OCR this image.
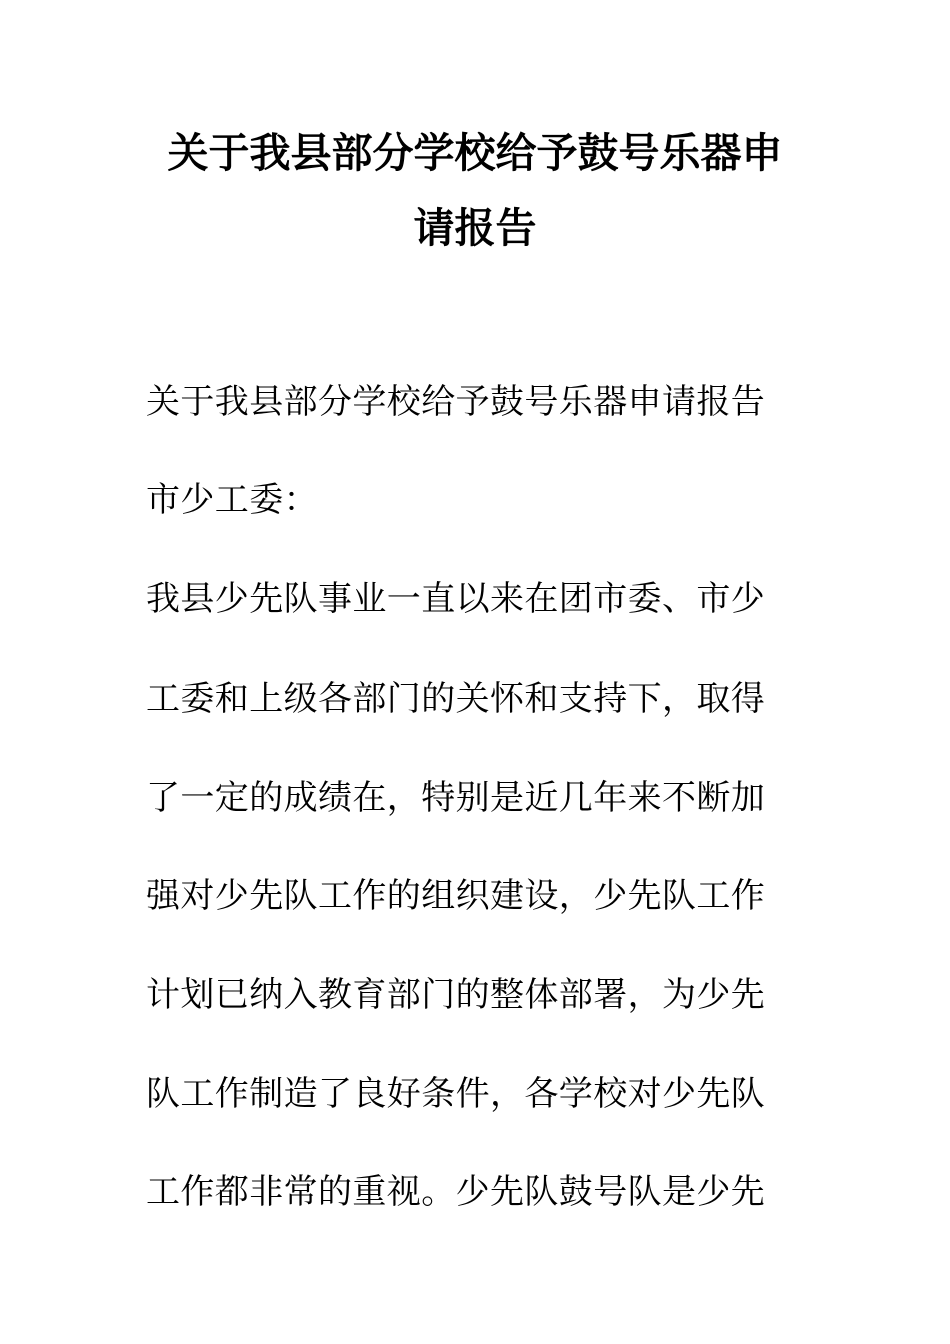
关于我县部分学校给予鼓号乐器申
请报告
关于我县部分学校给予鼓号乐器申请报告
市少工委：
我县少先队事业一直以来在团市委、市少
工委和上级各部门的关怀和支持下，取得
了一定的成绩在，特别是近几年来不断加
强对少先队工作的组织建设，少先队工作
计划已纳入教育部门的整体部署，为少先
队工作制造了良好条件，各学校对少先队
工作都非常的重视。少先队鼓号队是少先
